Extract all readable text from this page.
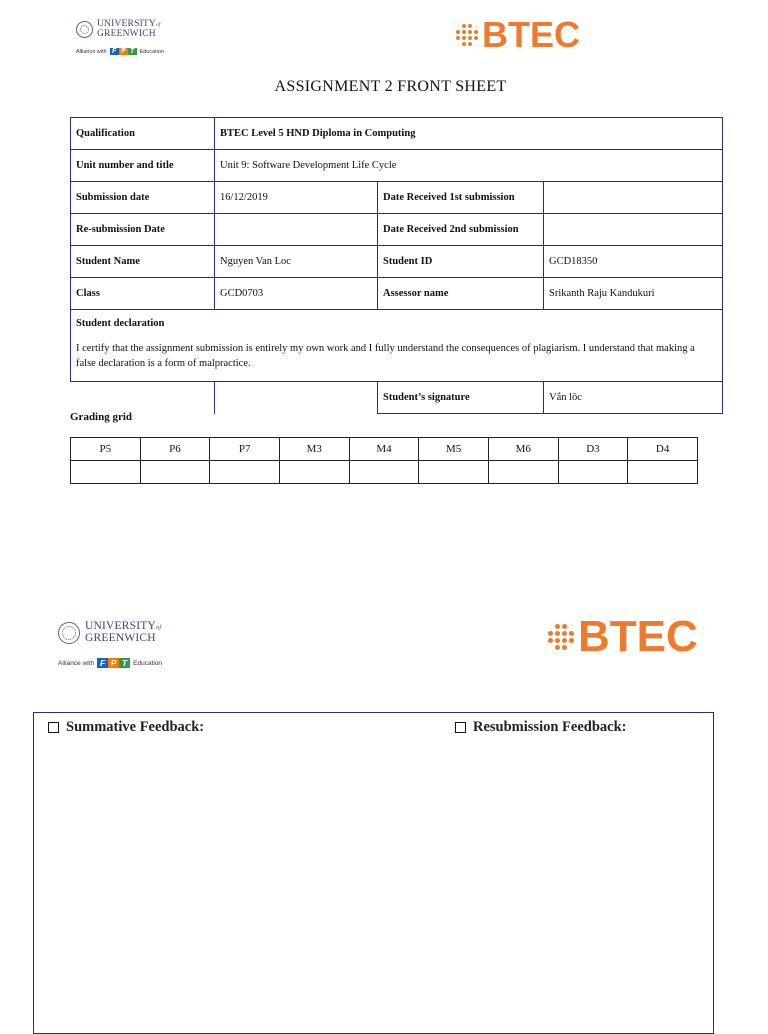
UNIVERSITYof
GREENWICH
Alliance with F P T Education	BTEC
ASSIGNMENT 2 FRONT SHEET
Qualification	BTEC Level 5 HND Diploma in Computing		
Unit number and title	Unit 9: Software Development Life Cycle		
Submission date	16/12/2019	Date Received 1st submission	
Re-submission Date		Date Received 2nd submission	
Student Name	Nguyen Van Loc	Student ID	GCD18350
Class	GCD0703	Assessor name	Srikanth Raju Kandukuri

Student declaration
I certify that the assignment submission is entirely my own work and I fully understand the consequences of plagiarism. I understand that making a false declaration is a form of malpractice.			

		Student’s signature	Vắn lôc
Grading grid
P5	P6	P7	M3	M4	M5	M6	D3	D4

UNIVERSITYof
GREENWICH
Alliance with F P T Education
BTEC
Summative Feedback:	Resubmission Feedback:
